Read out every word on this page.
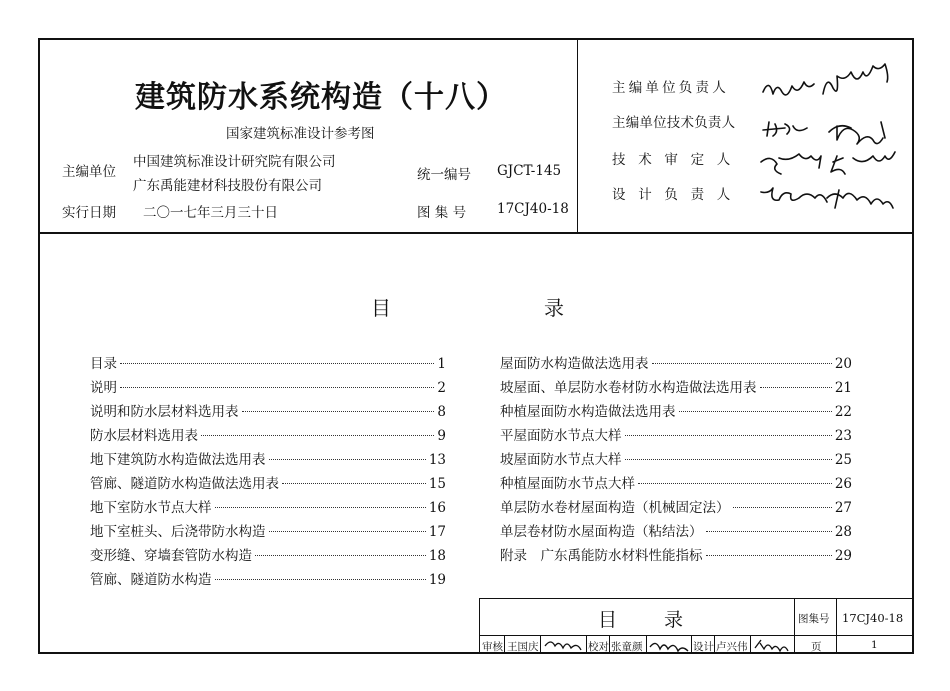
建筑防水系统构造（十八）
国家建筑标准设计参考图
主编单位
中国建筑标准设计研究院有限公司
广东禹能建材科技股份有限公司
实行日期 二〇一七年三月三十日
统一编号 GJCT-145
图 集 号 17CJ40-18
主编单位负责人
主编单位技术负责人
技 术 审 定 人
设 计 负 责 人
目	录
目录	1
说明	2
说明和防水层材料选用表	8
防水层材料选用表	9
地下建筑防水构造做法选用表	13
管廊、隧道防水构造做法选用表	15
地下室防水节点大样	16
地下室桩头、后浇带防水构造	17
变形缝、穿墙套管防水构造	18
管廊、隧道防水构造	19
屋面防水构造做法选用表	20
坡屋面、单层防水卷材防水构造做法选用表	21
种植屋面防水构造做法选用表	22
平屋面防水节点大样	23
坡屋面防水节点大样	25
种植屋面防水节点大样	26
单层防水卷材屋面构造（机械固定法）	27
单层卷材防水屋面构造（粘结法）	28
附录　广东禹能防水材料性能指标	29
目 录	图集号 17CJ40-18
审核 王国庆	校对 张童颜	设计 卢兴伟	页	1
